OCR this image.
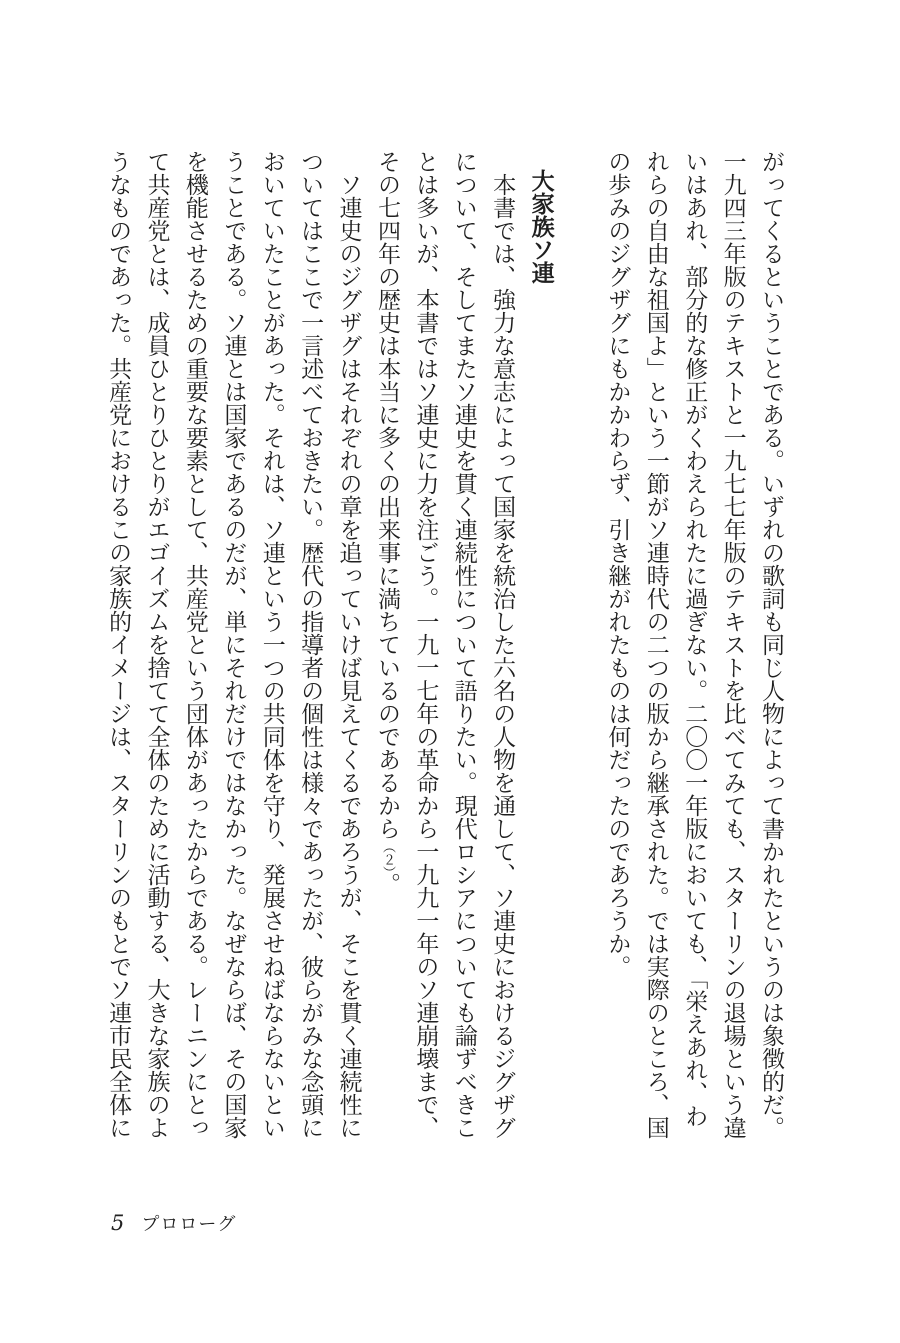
がってくるということである。いずれの歌詞も同じ人物によって書かれたというのは象徴的だ。一九四三年版のテキストと一九七七年版のテキストを比べてみても、スターリンの退場という違いはあれ、部分的な修正がくわえられたに過ぎない。二〇〇一年版においても、「栄えあれ、われらの自由な祖国よ」という一節がソ連時代の二つの版から継承された。では実際のところ、国の歩みのジグザグにもかかわらず、引き継がれたものは何だったのであろうか。

大家族ソ連

本書では、強力な意志によって国家を統治した六名の人物を通して、ソ連史におけるジグザグについて、そしてまたソ連史を貫く連続性について語りたい。現代ロシアについても論ずべきことは多いが、本書ではソ連史に力を注ごう。一九一七年の革命から一九九一年のソ連崩壊まで、その七四年の歴史は本当に多くの出来事に満ちているのであるから（２）。

ソ連史のジグザグはそれぞれの章を追っていけば見えてくるであろうが、そこを貫く連続性についてはここで一言述べておきたい。歴代の指導者の個性は様々であったが、彼らがみな念頭においていたことがあった。それは、ソ連という一つの共同体を守り、発展させねばならないということである。ソ連とは国家であるのだが、単にそれだけではなかった。なぜならば、その国家を機能させるための重要な要素として、共産党という団体があったからである。レーニンにとって共産党とは、成員ひとりひとりがエゴイズムを捨てて全体のために活動する、大きな家族のようなものであった。共産党におけるこの家族的イメージは、スターリンのもとでソ連市民全体に

5 プロローグ
